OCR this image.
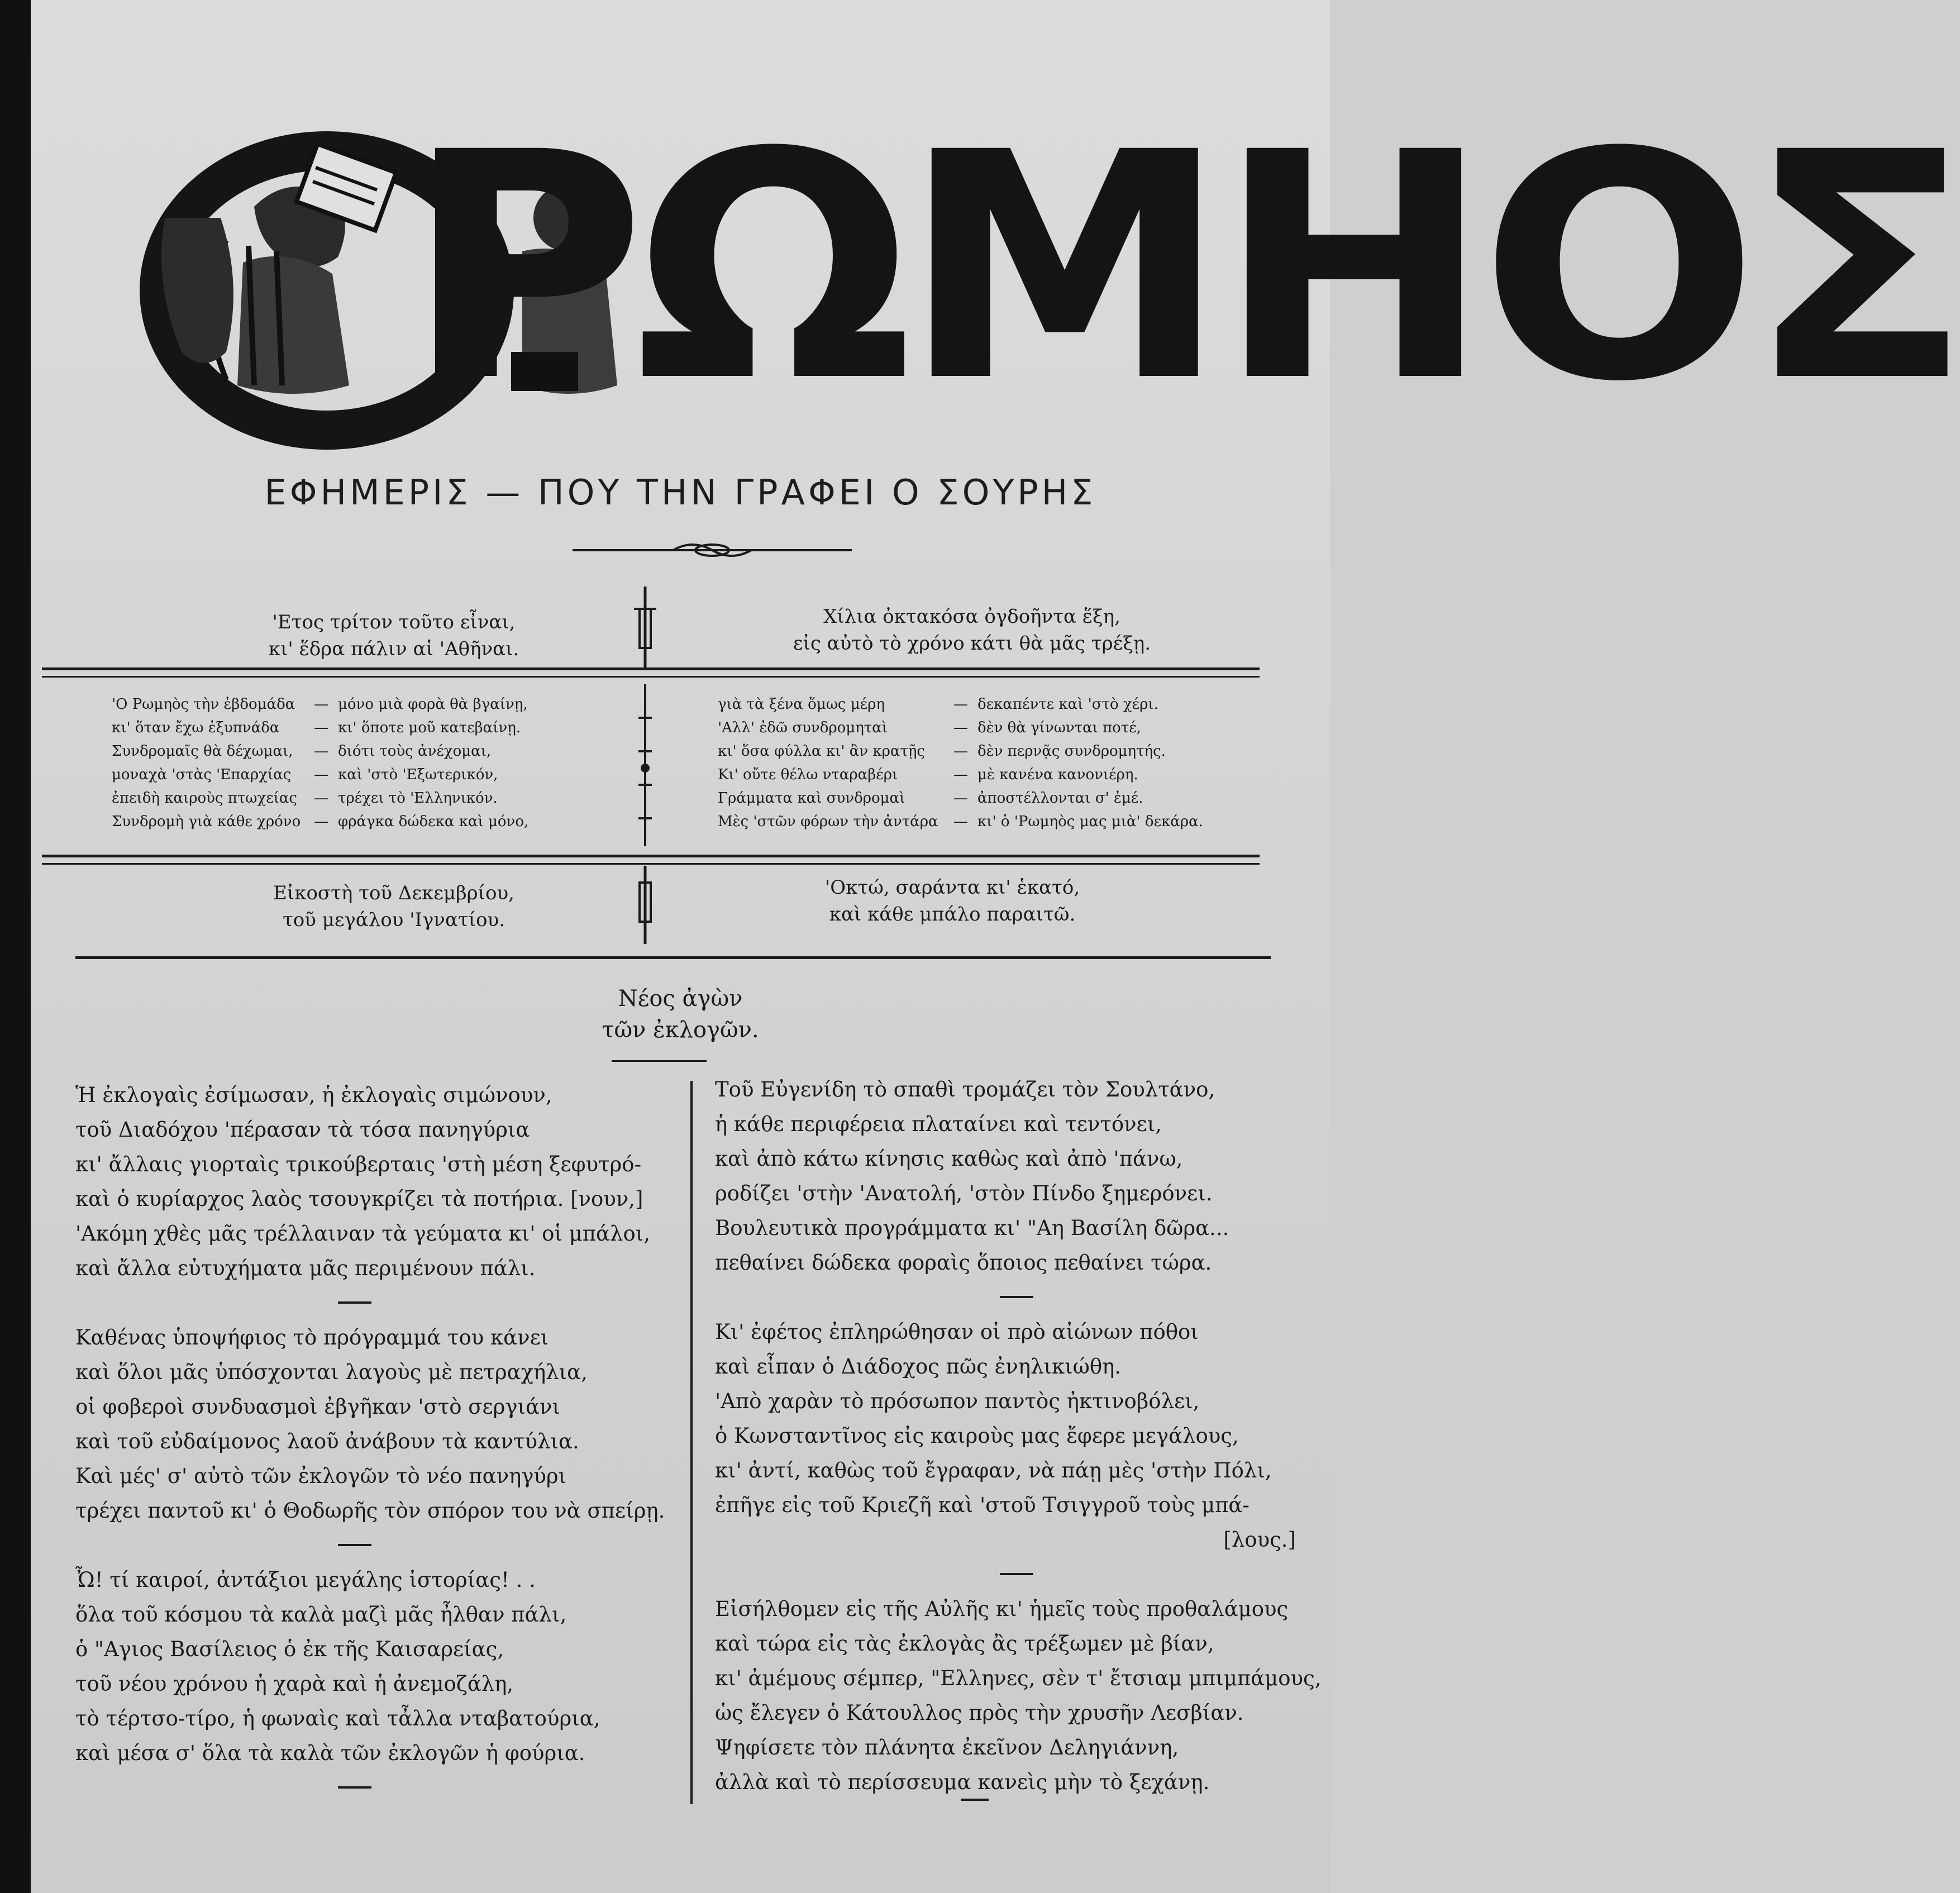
ΡΩΜΗΟΣ
ΕΦΗΜΕΡΙΣ — ΠΟΥ ΤΗΝ ΓΡΑΦΕΙ Ο ΣΟΥΡΗΣ
'Ετος τρίτον τοῦτο εἶναι,
κι' ἕδρα πάλιν αἱ 'Αθῆναι.
Χίλια ὀκτακόσα ὀγδοῆντα ἕξη,
εἰς αὐτὸ τὸ χρόνο κάτι θὰ μᾶς τρέξῃ.
'Ο Ρωμηὸς τὴν ἑβδομάδα	— μόνο μιὰ φορὰ θὰ βγαίνῃ,
κι' ὅταν ἔχω ἐξυπνάδα	— κι' ὅποτε μοῦ κατεβαίνῃ.
Συνδρομαῖς θὰ δέχωμαι,	— διότι τοὺς ἀνέχομαι,
μοναχὰ 'στὰς 'Επαρχίας	— καὶ 'στὸ 'Εξωτερικόν,
ἐπειδὴ καιροὺς πτωχείας	— τρέχει τὸ 'Ελληνικόν.
Συνδρομὴ γιὰ κάθε χρόνο — φράγκα δώδεκα καὶ μόνο,
γιὰ τὰ ξένα ὅμως μέρη	— δεκαπέντε καὶ 'στὸ χέρι.
'Αλλ' ἐδῶ συνδρομηταὶ	— δὲν θὰ γίνωνται ποτέ,
κι' ὅσα φύλλα κι' ἂν κρατῇς	— δὲν περνᾷς συνδρομητής.
Κι' οὔτε θέλω νταραβέρι	— μὲ κανένα κανονιέρη.
Γράμματα καὶ συνδρομαὶ	— ἀποστέλλονται σ' ἐμέ.
Μὲς 'στῶν φόρων τὴν ἀντάρα	— κι' ὁ 'Ρωμηὸς μας μιὰ' δεκάρα.
Εἰκοστὴ τοῦ Δεκεμβρίου,
τοῦ μεγάλου 'Ιγνατίου.
'Οκτώ, σαράντα κι' ἑκατό,
καὶ κάθε μπάλο παραιτῶ.
Νέος ἀγὼν
τῶν ἐκλογῶν.
Ἡ ἐκλογαὶς ἐσίμωσαν, ἡ ἐκλογαὶς σιμώνουν,
τοῦ Διαδόχου 'πέρασαν τὰ τόσα πανηγύρια
κι' ἄλλαις γιορταὶς τρικούβερταις 'στὴ μέση ξεφυτρό-
καὶ ὁ κυρίαρχος λαὸς τσουγκρίζει τὰ ποτήρια. [νουν,]
'Ακόμη χθὲς μᾶς τρέλλαιναν τὰ γεύματα κι' οἱ μπάλοι,
καὶ ἄλλα εὐτυχήματα μᾶς περιμένουν πάλι.
Καθένας ὑποψήφιος τὸ πρόγραμμά του κάνει
καὶ ὅλοι μᾶς ὑπόσχονται λαγοὺς μὲ πετραχήλια,
οἱ φοβεροὶ συνδυασμοὶ ἐβγῆκαν 'στὸ σεργιάνι
καὶ τοῦ εὐδαίμονος λαοῦ ἀνάβουν τὰ καντύλια.
Καὶ μές' σ' αὐτὸ τῶν ἐκλογῶν τὸ νέο πανηγύρι
τρέχει παντοῦ κι' ὁ Θοδωρῆς τὸν σπόρον του νὰ σπείρῃ.
Ὦ! τί καιροί, ἀντάξιοι μεγάλης ἱστορίας! . .
ὅλα τοῦ κόσμου τὰ καλὰ μαζὶ μᾶς ἦλθαν πάλι,
ὁ "Αγιος Βασίλειος ὁ ἐκ τῆς Καισαρείας,
τοῦ νέου χρόνου ἡ χαρὰ καὶ ἡ ἀνεμοζάλη,
τὸ τέρτσο-τίρο, ἡ φωναὶς καὶ τἆλλα νταβατούρια,
καὶ μέσα σ' ὅλα τὰ καλὰ τῶν ἐκλογῶν ἡ φούρια.
Τοῦ Εὐγενίδη τὸ σπαθὶ τρομάζει τὸν Σουλτάνο,
ἡ κάθε περιφέρεια πλαταίνει καὶ τεντόνει,
καὶ ἀπὸ κάτω κίνησις καθὼς καὶ ἀπὸ 'πάνω,
ροδίζει 'στὴν 'Ανατολή, 'στὸν Πίνδο ξημερόνει.
Βουλευτικὰ προγράμματα κι' "Αη Βασίλη δῶρα...
πεθαίνει δώδεκα φοραὶς ὅποιος πεθαίνει τώρα.
Κι' ἐφέτος ἐπληρώθησαν οἱ πρὸ αἰώνων πόθοι
καὶ εἶπαν ὁ Διάδοχος πῶς ἐνηλικιώθη.
'Απὸ χαρὰν τὸ πρόσωπον παντὸς ἠκτινοβόλει,
ὁ Κωνσταντῖνος εἰς καιροὺς μας ἔφερε μεγάλους,
κι' ἀντί, καθὼς τοῦ ἔγραφαν, νὰ πάῃ μὲς 'στὴν Πόλι,
ἐπῆγε εἰς τοῦ Κριεζῆ καὶ 'στοῦ Τσιγγροῦ τοὺς μπά-
[λους.]
Εἰσήλθομεν εἰς τῆς Αὐλῆς κι' ἡμεῖς τοὺς προθαλάμους
καὶ τώρα εἰς τὰς ἐκλογὰς ἂς τρέξωμεν μὲ βίαν,
κι' ἀμέμους σέμπερ, "Ελληνες, σὲν τ' ἔτσιαμ μπιμπάμους,
ὡς ἔλεγεν ὁ Κάτουλλος πρὸς τὴν χρυσῆν Λεσβίαν.
Ψηφίσετε τὸν πλάνητα ἐκεῖνον Δεληγιάννη,
ἀλλὰ καὶ τὸ περίσσευμα κανεὶς μὴν τὸ ξεχάνῃ.
